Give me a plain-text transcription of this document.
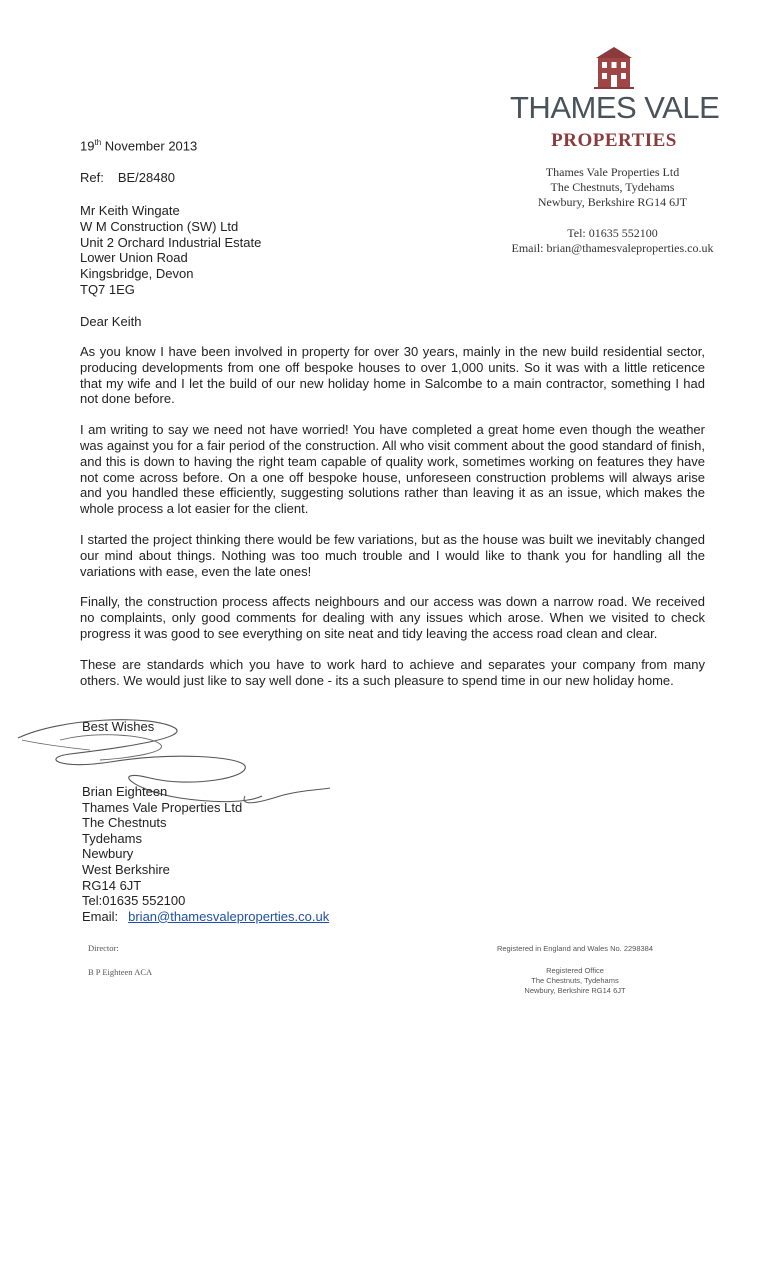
THAMES VALE
PROPERTIES
Thames Vale Properties Ltd
The Chestnuts, Tydehams
Newbury, Berkshire RG14 6JT
Tel: 01635 552100
Email: brian@thamesvaleproperties.co.uk
19th November 2013
Ref: BE/28480
Mr Keith Wingate
W M Construction (SW) Ltd
Unit 2 Orchard Industrial Estate
Lower Union Road
Kingsbridge, Devon
TQ7 1EG
Dear Keith

As you know I have been involved in property for over 30 years, mainly in the new build residential sector, producing developments from one off bespoke houses to over 1,000 units. So it was with a little reticence that my wife and I let the build of our new holiday home in Salcombe to a main contractor, something I had not done before.

I am writing to say we need not have worried! You have completed a great home even though the weather was against you for a fair period of the construction. All who visit comment about the good standard of finish, and this is down to having the right team capable of quality work, sometimes working on features they have not come across before. On a one off bespoke house, unforeseen construction problems will always arise and you handled these efficiently, suggesting solutions rather than leaving it as an issue, which makes the whole process a lot easier for the client.

I started the project thinking there would be few variations, but as the house was built we inevitably changed our mind about things. Nothing was too much trouble and I would like to thank you for handling all the variations with ease, even the late ones!

Finally, the construction process affects neighbours and our access was down a narrow road. We received no complaints, only good comments for dealing with any issues which arose. When we visited to check progress it was good to see everything on site neat and tidy leaving the access road clean and clear.

These are standards which you have to work hard to achieve and separates your company from many others. We would just like to say well done - its a such pleasure to spend time in our new holiday home.

Best Wishes
Brian Eighteen
Thames Vale Properties Ltd
The Chestnuts
Tydehams
Newbury
West Berkshire
RG14 6JT
Tel:01635 552100
Email: brian@thamesvaleproperties.co.uk
Director:
B P Eighteen ACA
Registered in England and Wales No. 2298384
Registered Office
The Chestnuts, Tydehams
Newbury, Berkshire RG14 6JT
